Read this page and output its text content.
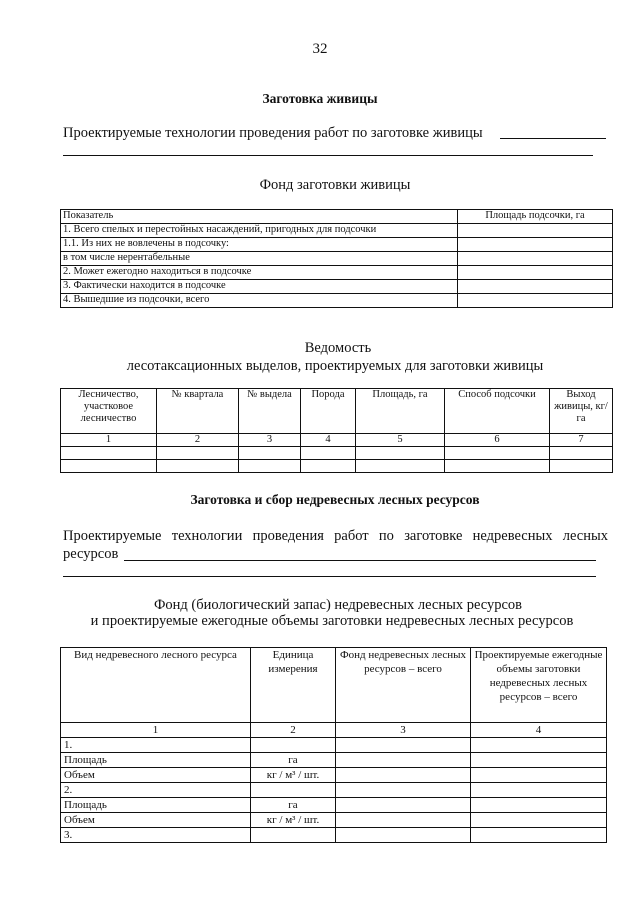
32
Заготовка живицы
Проектируемые технологии проведения работ по заготовке живицы
Фонд заготовки живицы
Показатель	Площадь подсочки, га
1. Всего спелых и перестойных насаждений, пригодных для подсочки	
1.1. Из них не вовлечены в подсочку:	
в том числе нерентабельные	
2. Может ежегодно находиться в подсочке	
3. Фактически находится в подсочке	
4. Вышедшие из подсочки, всего	
Ведомость
лесотаксационных выделов, проектируемых для заготовки живицы
Лесничество, участковое лесничество	№ квартала	№ выдела	Порода	Площадь, га	Способ подсочки	Выход живицы, кг/га
1	2	3	4	5	6	7

Заготовка и сбор недревесных лесных ресурсов
Проектируемые технологии проведения работ по заготовке недревесных лесных
ресурсов
Фонд (биологический запас) недревесных лесных ресурсов
и проектируемые ежегодные объемы заготовки недревесных лесных ресурсов
Вид недревесного лесного ресурса	Единица измерения	Фонд недревесных лесных ресурсов – всего	Проектируемые ежегодные объемы заготовки недревесных лесных ресурсов – всего
1	2	3	4
1.			
Площадь	га		
Объем	кг / м³ / шт.		
2.			
Площадь	га		
Объем	кг / м³ / шт.		
3.			
